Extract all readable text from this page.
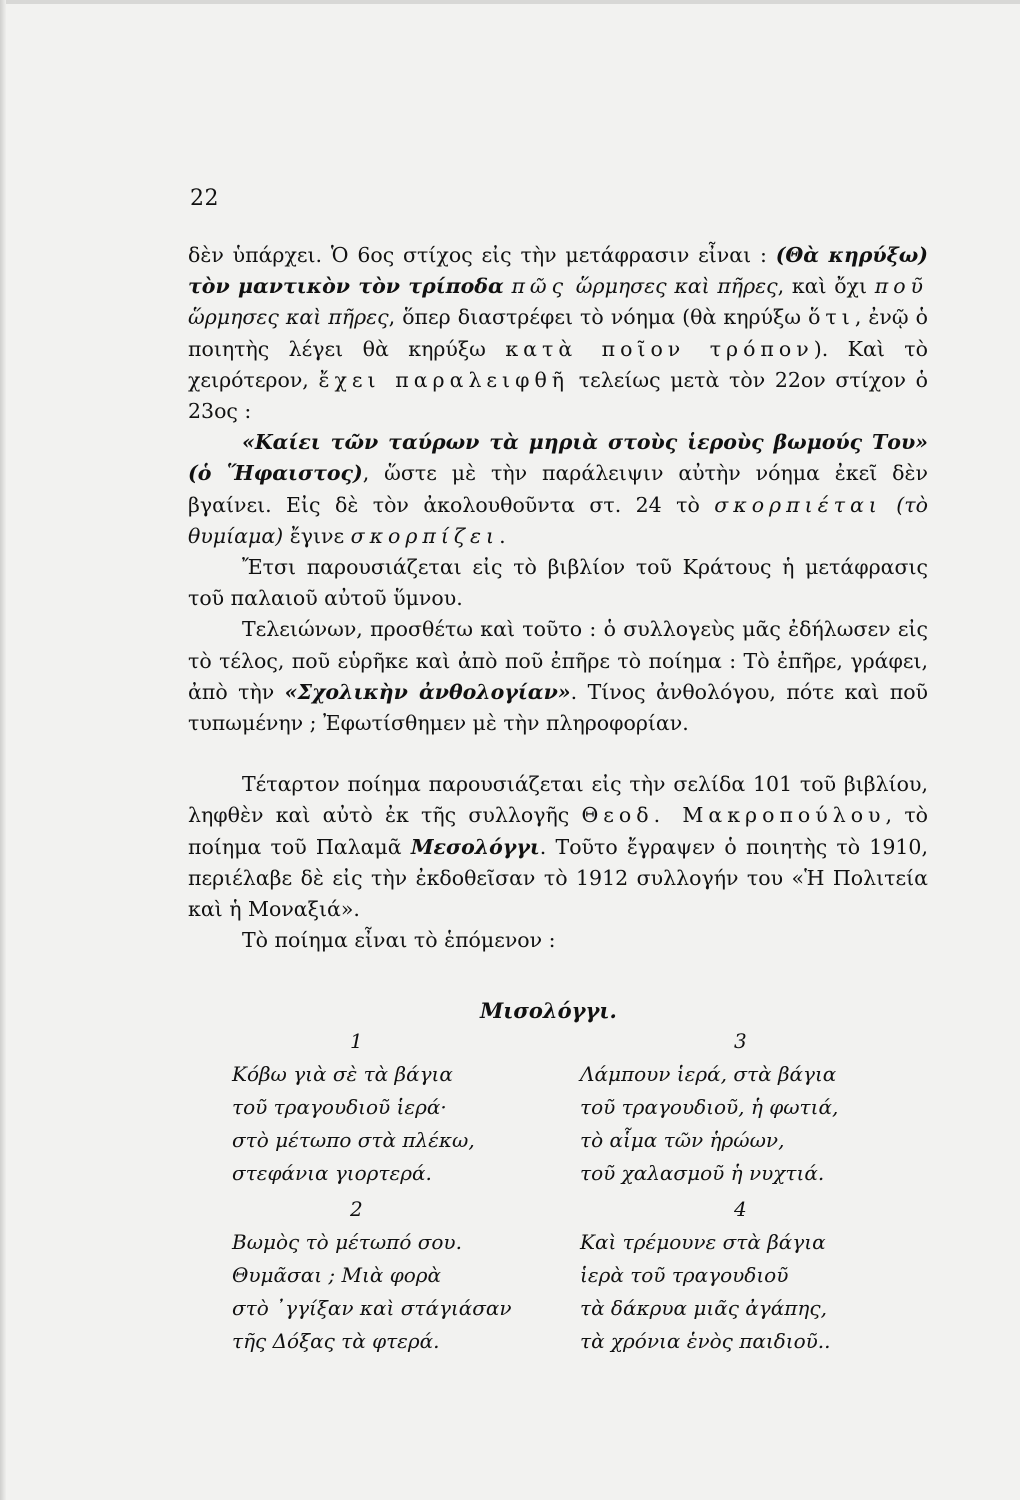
22

δὲν ὑπάρχει. Ὁ 6ος στίχος εἰς τὴν μετάφρασιν εἶναι : (Θὰ κηρύξω) τὸν μαντικὸν τὸν τρίποδα πῶς ὥρμησες καὶ πῆρες, καὶ ὄχι ποῦ ὥρμησες καὶ πῆρες, ὅπερ διαστρέφει τὸ νόημα (θὰ κηρύξω ὅτι, ἐνῷ ὁ ποιητὴς λέγει θὰ κηρύξω κατὰ ποῖον τρόπον). Καὶ τὸ χειρότερον, ἔχει παραλειφθῆ τελείως μετὰ τὸν 22ον στίχον ὁ 23ος :

«Καίει τῶν ταύρων τὰ μηριὰ στοὺς ἱεροὺς βωμούς Του» (ὁ Ἥφαιστος), ὥστε μὲ τὴν παράλειψιν αὐτὴν νόημα ἐκεῖ δὲν βγαίνει. Εἰς δὲ τὸν ἀκολουθοῦντα στ. 24 τὸ σκορπιέται (τὸ θυμίαμα) ἔγινε σκορπίζει.

Ἔτσι παρουσιάζεται εἰς τὸ βιβλίον τοῦ Κράτους ἡ μετάφρασις τοῦ παλαιοῦ αὐτοῦ ὕμνου.

Τελειώνων, προσθέτω καὶ τοῦτο : ὁ συλλογεὺς μᾶς ἐδήλωσεν εἰς τὸ τέλος, ποῦ εὑρῆκε καὶ ἀπὸ ποῦ ἐπῆρε τὸ ποίημα : Τὸ ἐπῆρε, γράφει, ἀπὸ τὴν «Σχολικὴν ἀνθολογίαν». Τίνος ἀνθολόγου, πότε καὶ ποῦ τυπωμένην ; Ἐφωτίσθημεν μὲ τὴν πληροφορίαν.

Τέταρτον ποίημα παρουσιάζεται εἰς τὴν σελίδα 101 τοῦ βιβλίου, ληφθὲν καὶ αὐτὸ ἐκ τῆς συλλογῆς Θεοδ. Μακροπούλου, τὸ ποίημα τοῦ Παλαμᾶ Μεσολόγγι. Τοῦτο ἔγραψεν ὁ ποιητὴς τὸ 1910, περιέλαβε δὲ εἰς τὴν ἐκδοθεῖσαν τὸ 1912 συλλογήν του «Ἡ Πολιτεία καὶ ἡ Μοναξιά».

Τὸ ποίημα εἶναι τὸ ἑπόμενον :

Μισολόγγι.
1
Κόβω γιὰ σὲ τὰ βάγια
τοῦ τραγουδιοῦ ἱερά·
στὸ μέτωπο στὰ πλέκω,
στεφάνια γιορτερά.
3
Λάμπουν ἱερά, στὰ βάγια
τοῦ τραγουδιοῦ, ἡ φωτιά,
τὸ αἷμα τῶν ἡρώων,
τοῦ χαλασμοῦ ἡ νυχτιά.
2
Βωμὸς τὸ μέτωπό σου.
Θυμᾶσαι ; Μιὰ φορὰ
στὸ ᾽γγίξαν καὶ στάγιάσαν
τῆς Δόξας τὰ φτερά.
4
Καὶ τρέμουνε στὰ βάγια
ἱερὰ τοῦ τραγουδιοῦ
τὰ δάκρυα μιᾶς ἀγάπης,
τὰ χρόνια ἑνὸς παιδιοῦ..
